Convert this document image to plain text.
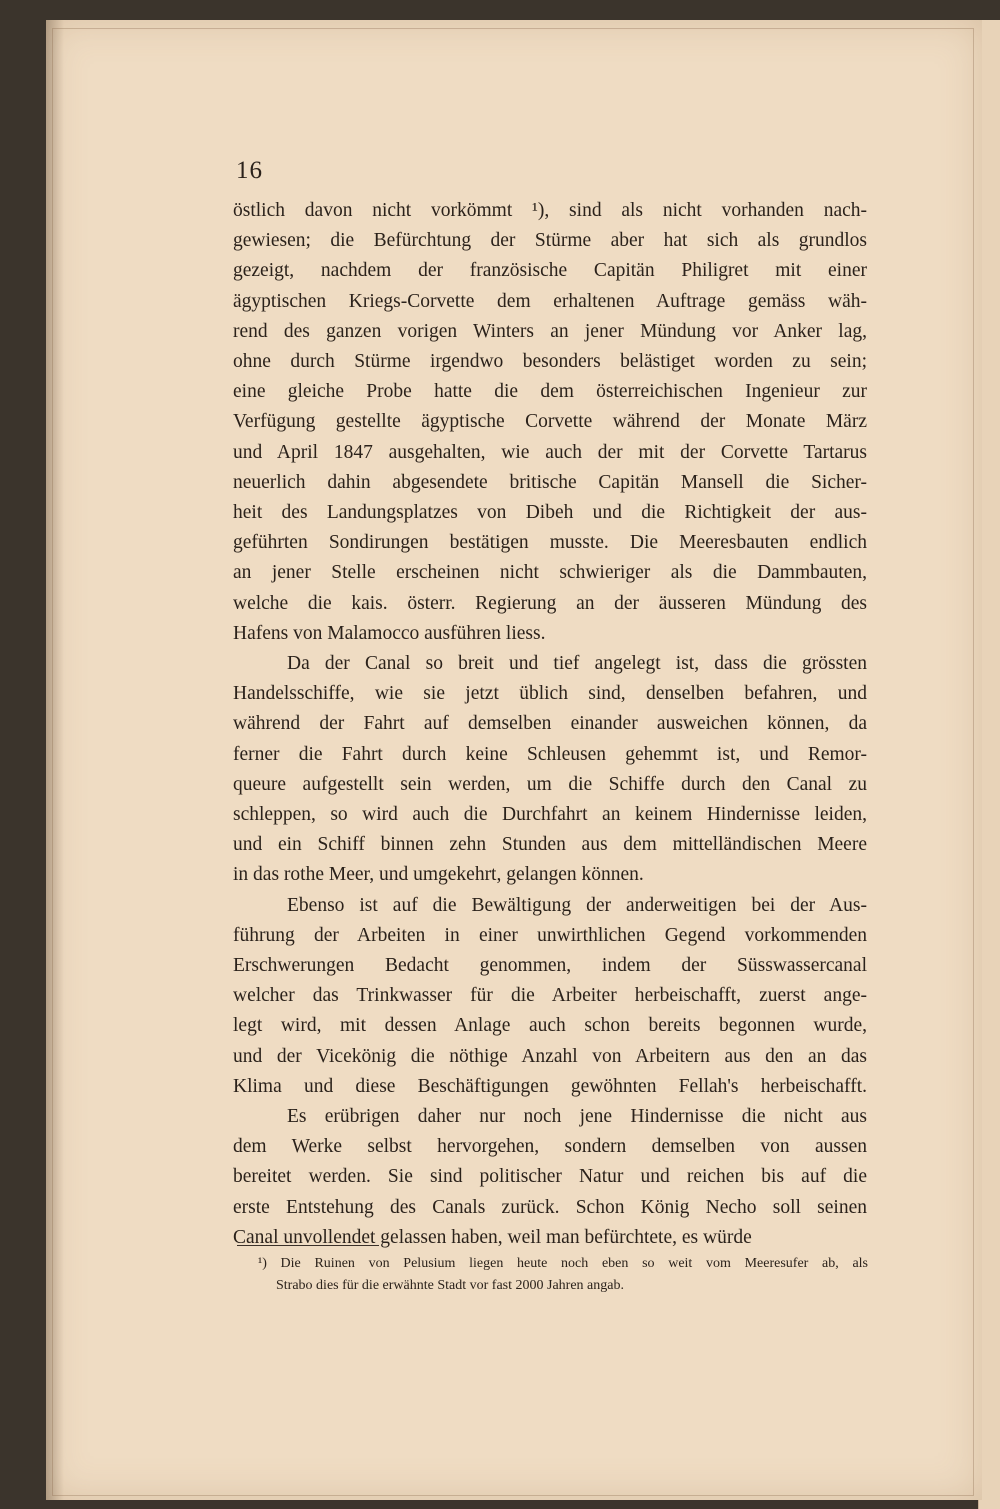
16
östlich davon nicht vorkömmt ¹), sind als nicht vorhanden nach-
gewiesen; die Befürchtung der Stürme aber hat sich als grundlos
gezeigt, nachdem der französische Capitän Philigret mit einer
ägyptischen Kriegs-Corvette dem erhaltenen Auftrage gemäss wäh-
rend des ganzen vorigen Winters an jener Mündung vor Anker lag,
ohne durch Stürme irgendwo besonders belästiget worden zu sein;
eine gleiche Probe hatte die dem österreichischen Ingenieur zur
Verfügung gestellte ägyptische Corvette während der Monate März
und April 1847 ausgehalten, wie auch der mit der Corvette Tartarus
neuerlich dahin abgesendete britische Capitän Mansell die Sicher-
heit des Landungsplatzes von Dibeh und die Richtigkeit der aus-
geführten Sondirungen bestätigen musste. Die Meeresbauten endlich
an jener Stelle erscheinen nicht schwieriger als die Dammbauten,
welche die kais. österr. Regierung an der äusseren Mündung des
Hafens von Malamocco ausführen liess.
Da der Canal so breit und tief angelegt ist, dass die grössten
Handelsschiffe, wie sie jetzt üblich sind, denselben befahren, und
während der Fahrt auf demselben einander ausweichen können, da
ferner die Fahrt durch keine Schleusen gehemmt ist, und Remor-
queure aufgestellt sein werden, um die Schiffe durch den Canal zu
schleppen, so wird auch die Durchfahrt an keinem Hindernisse leiden,
und ein Schiff binnen zehn Stunden aus dem mittelländischen Meere
in das rothe Meer, und umgekehrt, gelangen können.
Ebenso ist auf die Bewältigung der anderweitigen bei der Aus-
führung der Arbeiten in einer unwirthlichen Gegend vorkommenden
Erschwerungen Bedacht genommen, indem der Süsswassercanal
welcher das Trinkwasser für die Arbeiter herbeischafft, zuerst ange-
legt wird, mit dessen Anlage auch schon bereits begonnen wurde,
und der Vicekönig die nöthige Anzahl von Arbeitern aus den an das
Klima und diese Beschäftigungen gewöhnten Fellah's herbeischafft.
Es erübrigen daher nur noch jene Hindernisse die nicht aus
dem Werke selbst hervorgehen, sondern demselben von aussen
bereitet werden. Sie sind politischer Natur und reichen bis auf die
erste Entstehung des Canals zurück. Schon König Necho soll seinen
Canal unvollendet gelassen haben, weil man befürchtete, es würde
¹) Die Ruinen von Pelusium liegen heute noch eben so weit vom Meeresufer ab, als
Strabo dies für die erwähnte Stadt vor fast 2000 Jahren angab.
